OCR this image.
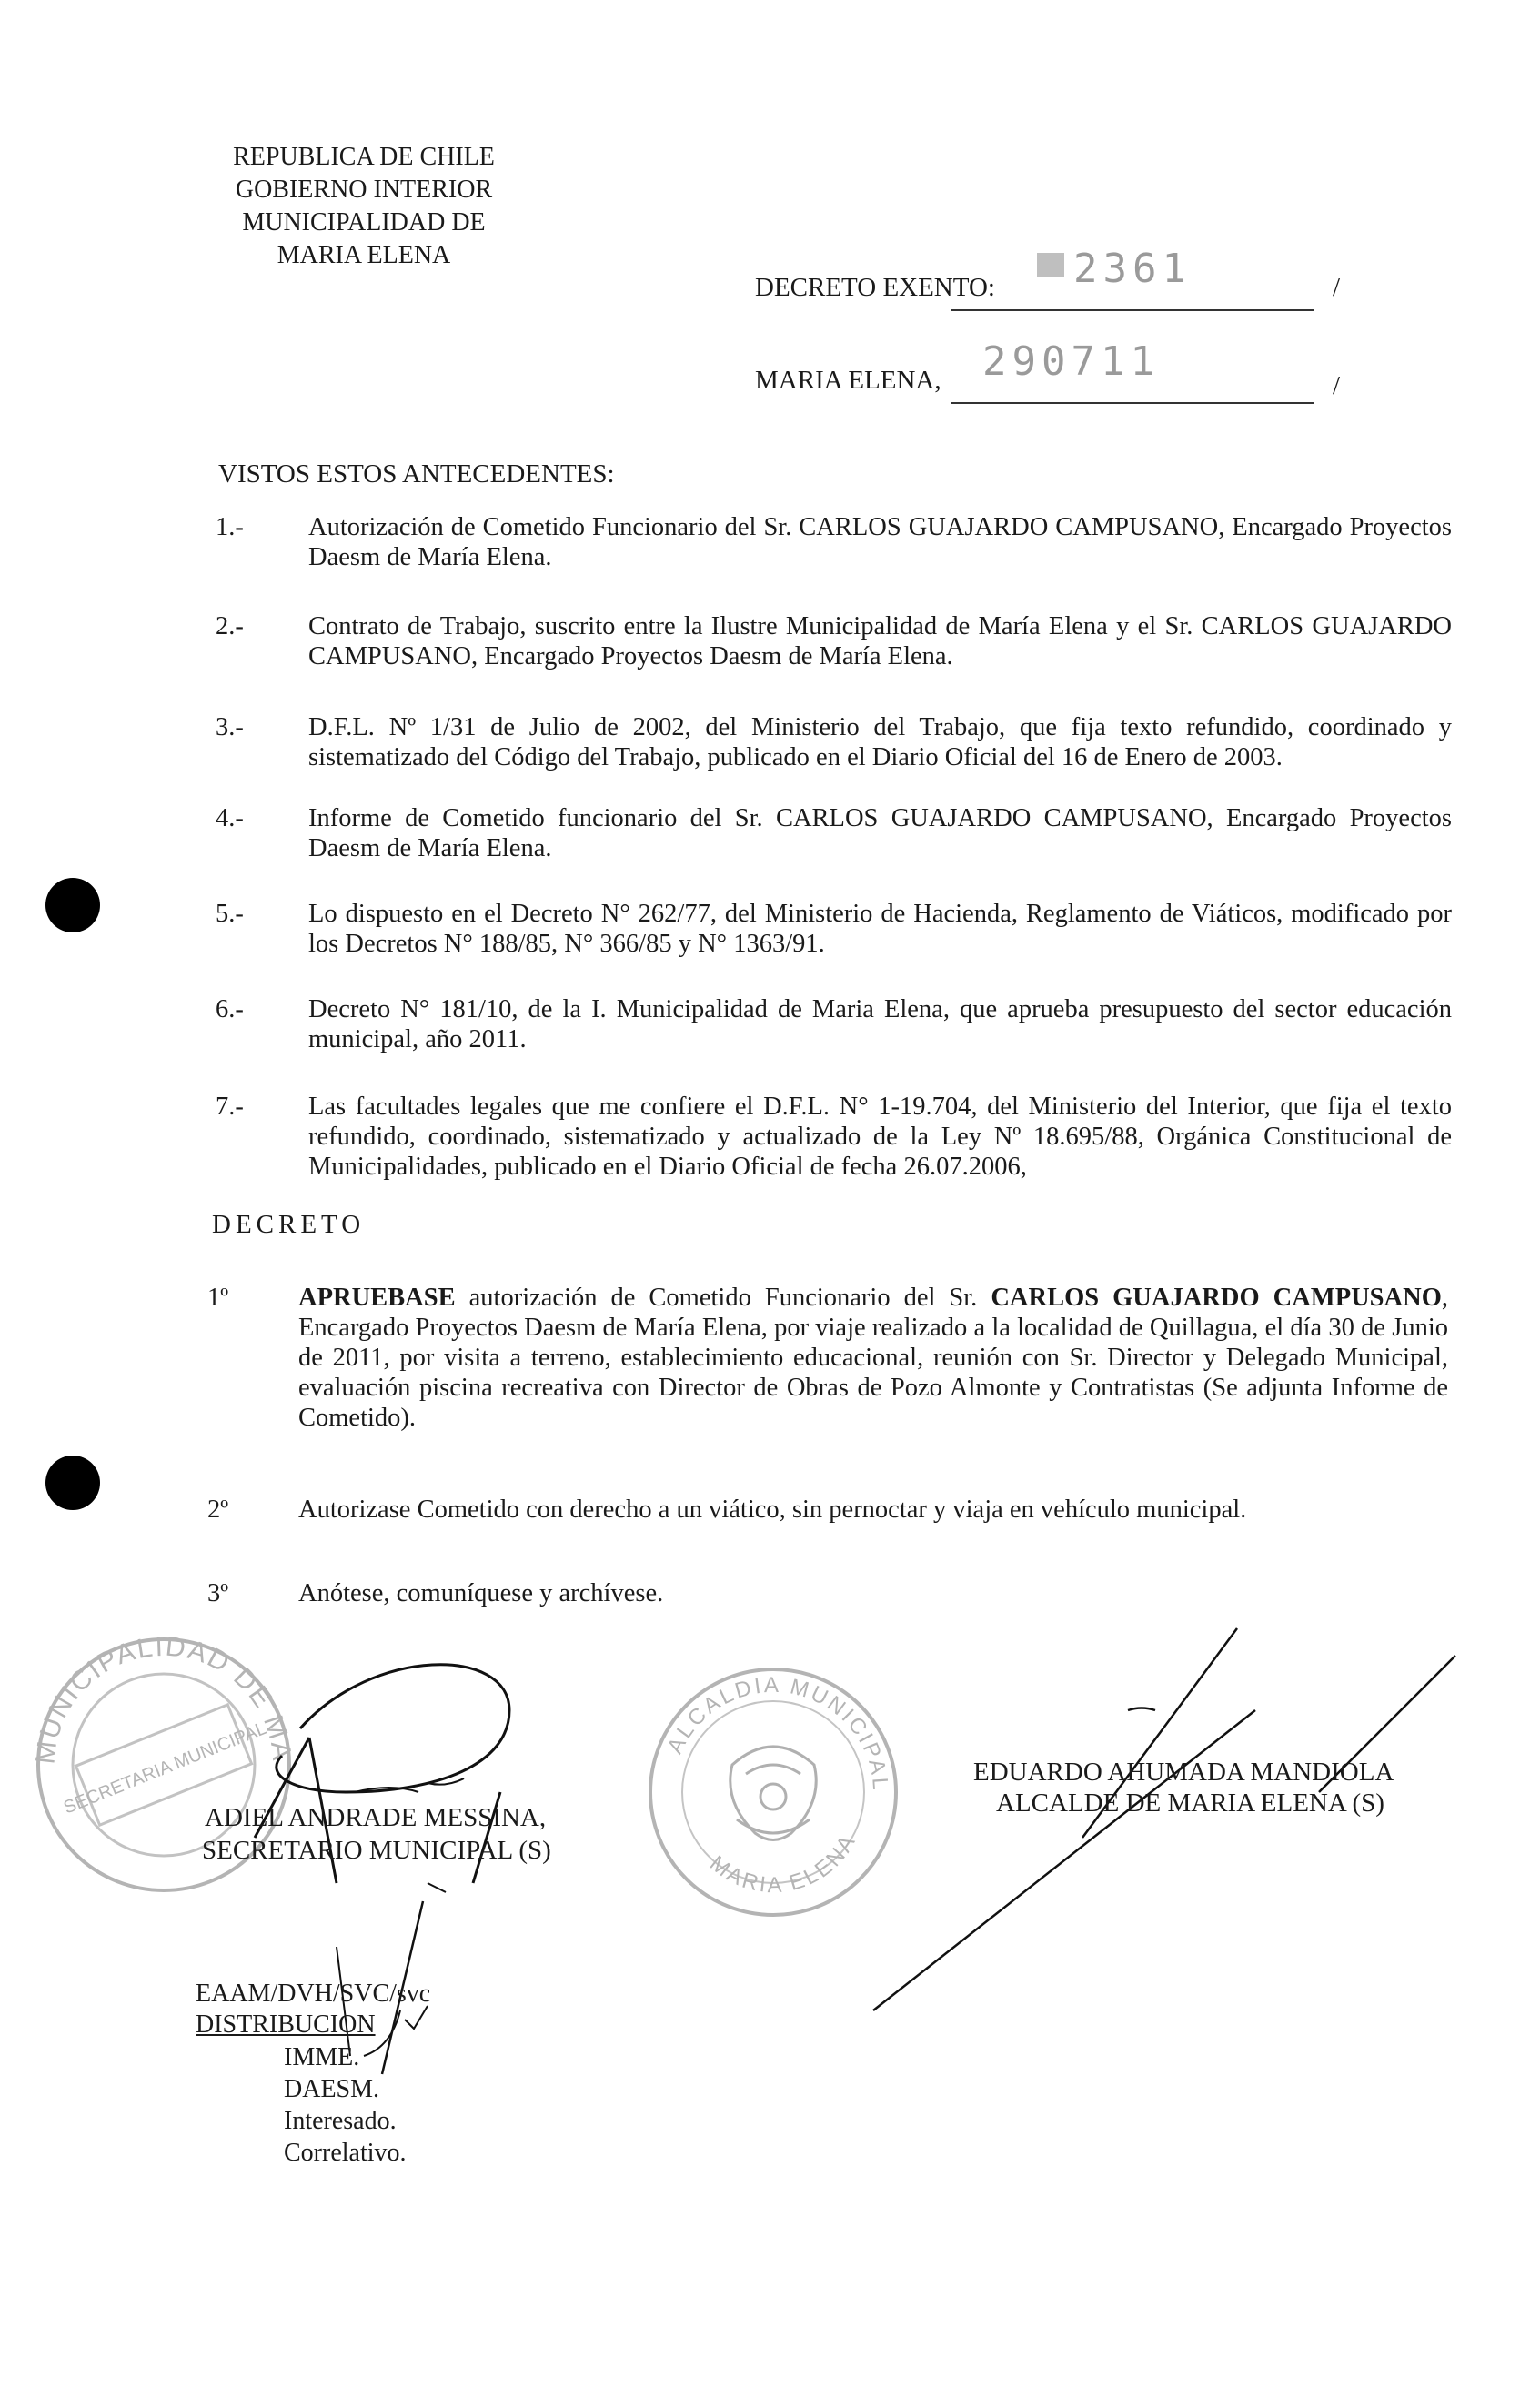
REPUBLICA DE CHILE
GOBIERNO INTERIOR
MUNICIPALIDAD DE
MARIA ELENA
DECRETO EXENTO: 2361	/
MARIA ELENA, 290711
/
VISTOS ESTOS ANTECEDENTES:
1.- Autorización de Cometido Funcionario del Sr. CARLOS GUAJARDO CAMPUSANO, Encargado Proyectos Daesm de María Elena.
2.- Contrato de Trabajo, suscrito entre la Ilustre Municipalidad de María Elena y el Sr. CARLOS GUAJARDO CAMPUSANO, Encargado Proyectos Daesm de María Elena.
3.- D.F.L. Nº 1/31 de Julio de 2002, del Ministerio del Trabajo, que fija texto refundido, coordinado y sistematizado del Código del Trabajo, publicado en el Diario Oficial del 16 de Enero de 2003.
4.- Informe de Cometido funcionario del Sr. CARLOS GUAJARDO CAMPUSANO, Encargado Proyectos Daesm de María Elena.
5.- Lo dispuesto en el Decreto N° 262/77, del Ministerio de Hacienda, Reglamento de Viáticos, modificado por los Decretos N° 188/85, N° 366/85 y N° 1363/91.
6.- Decreto N° 181/10, de la I. Municipalidad de Maria Elena, que aprueba presupuesto del sector educación municipal, año 2011.
7.- Las facultades legales que me confiere el D.F.L. N° 1-19.704, del Ministerio del Interior, que fija el texto refundido, coordinado, sistematizado y actualizado de la Ley Nº 18.695/88, Orgánica Constitucional de Municipalidades, publicado en el Diario Oficial de fecha 26.07.2006,
DECRETO
1º	APRUEBASE autorización de Cometido Funcionario del Sr. CARLOS GUAJARDO CAMPUSANO, Encargado Proyectos Daesm de María Elena, por viaje realizado a la localidad de Quillagua, el día 30 de Junio de 2011, por visita a terreno, establecimiento educacional, reunión con Sr. Director y Delegado Municipal, evaluación piscina recreativa con Director de Obras de Pozo Almonte y Contratistas (Se adjunta Informe de Cometido).
2º	Autorizase Cometido con derecho a un viático, sin pernoctar y viaja en vehículo municipal.
3º	Anótese, comuníquese y archívese.
MUNICIPALIDAD DE MARIA ELENA
SECRETARIA MUNICIPAL	ALCALDIA MUNICIPAL
MARIA ELENA
ADIEL ANDRADE MESSINA,
SECRETARIO MUNICIPAL (S)
EDUARDO AHUMADA MANDIOLA
ALCALDE DE MARIA ELENA (S)
EAAM/DVH/SVC/svc
DISTRIBUCION
IMME.
DAESM.
Interesado.
Correlativo.
